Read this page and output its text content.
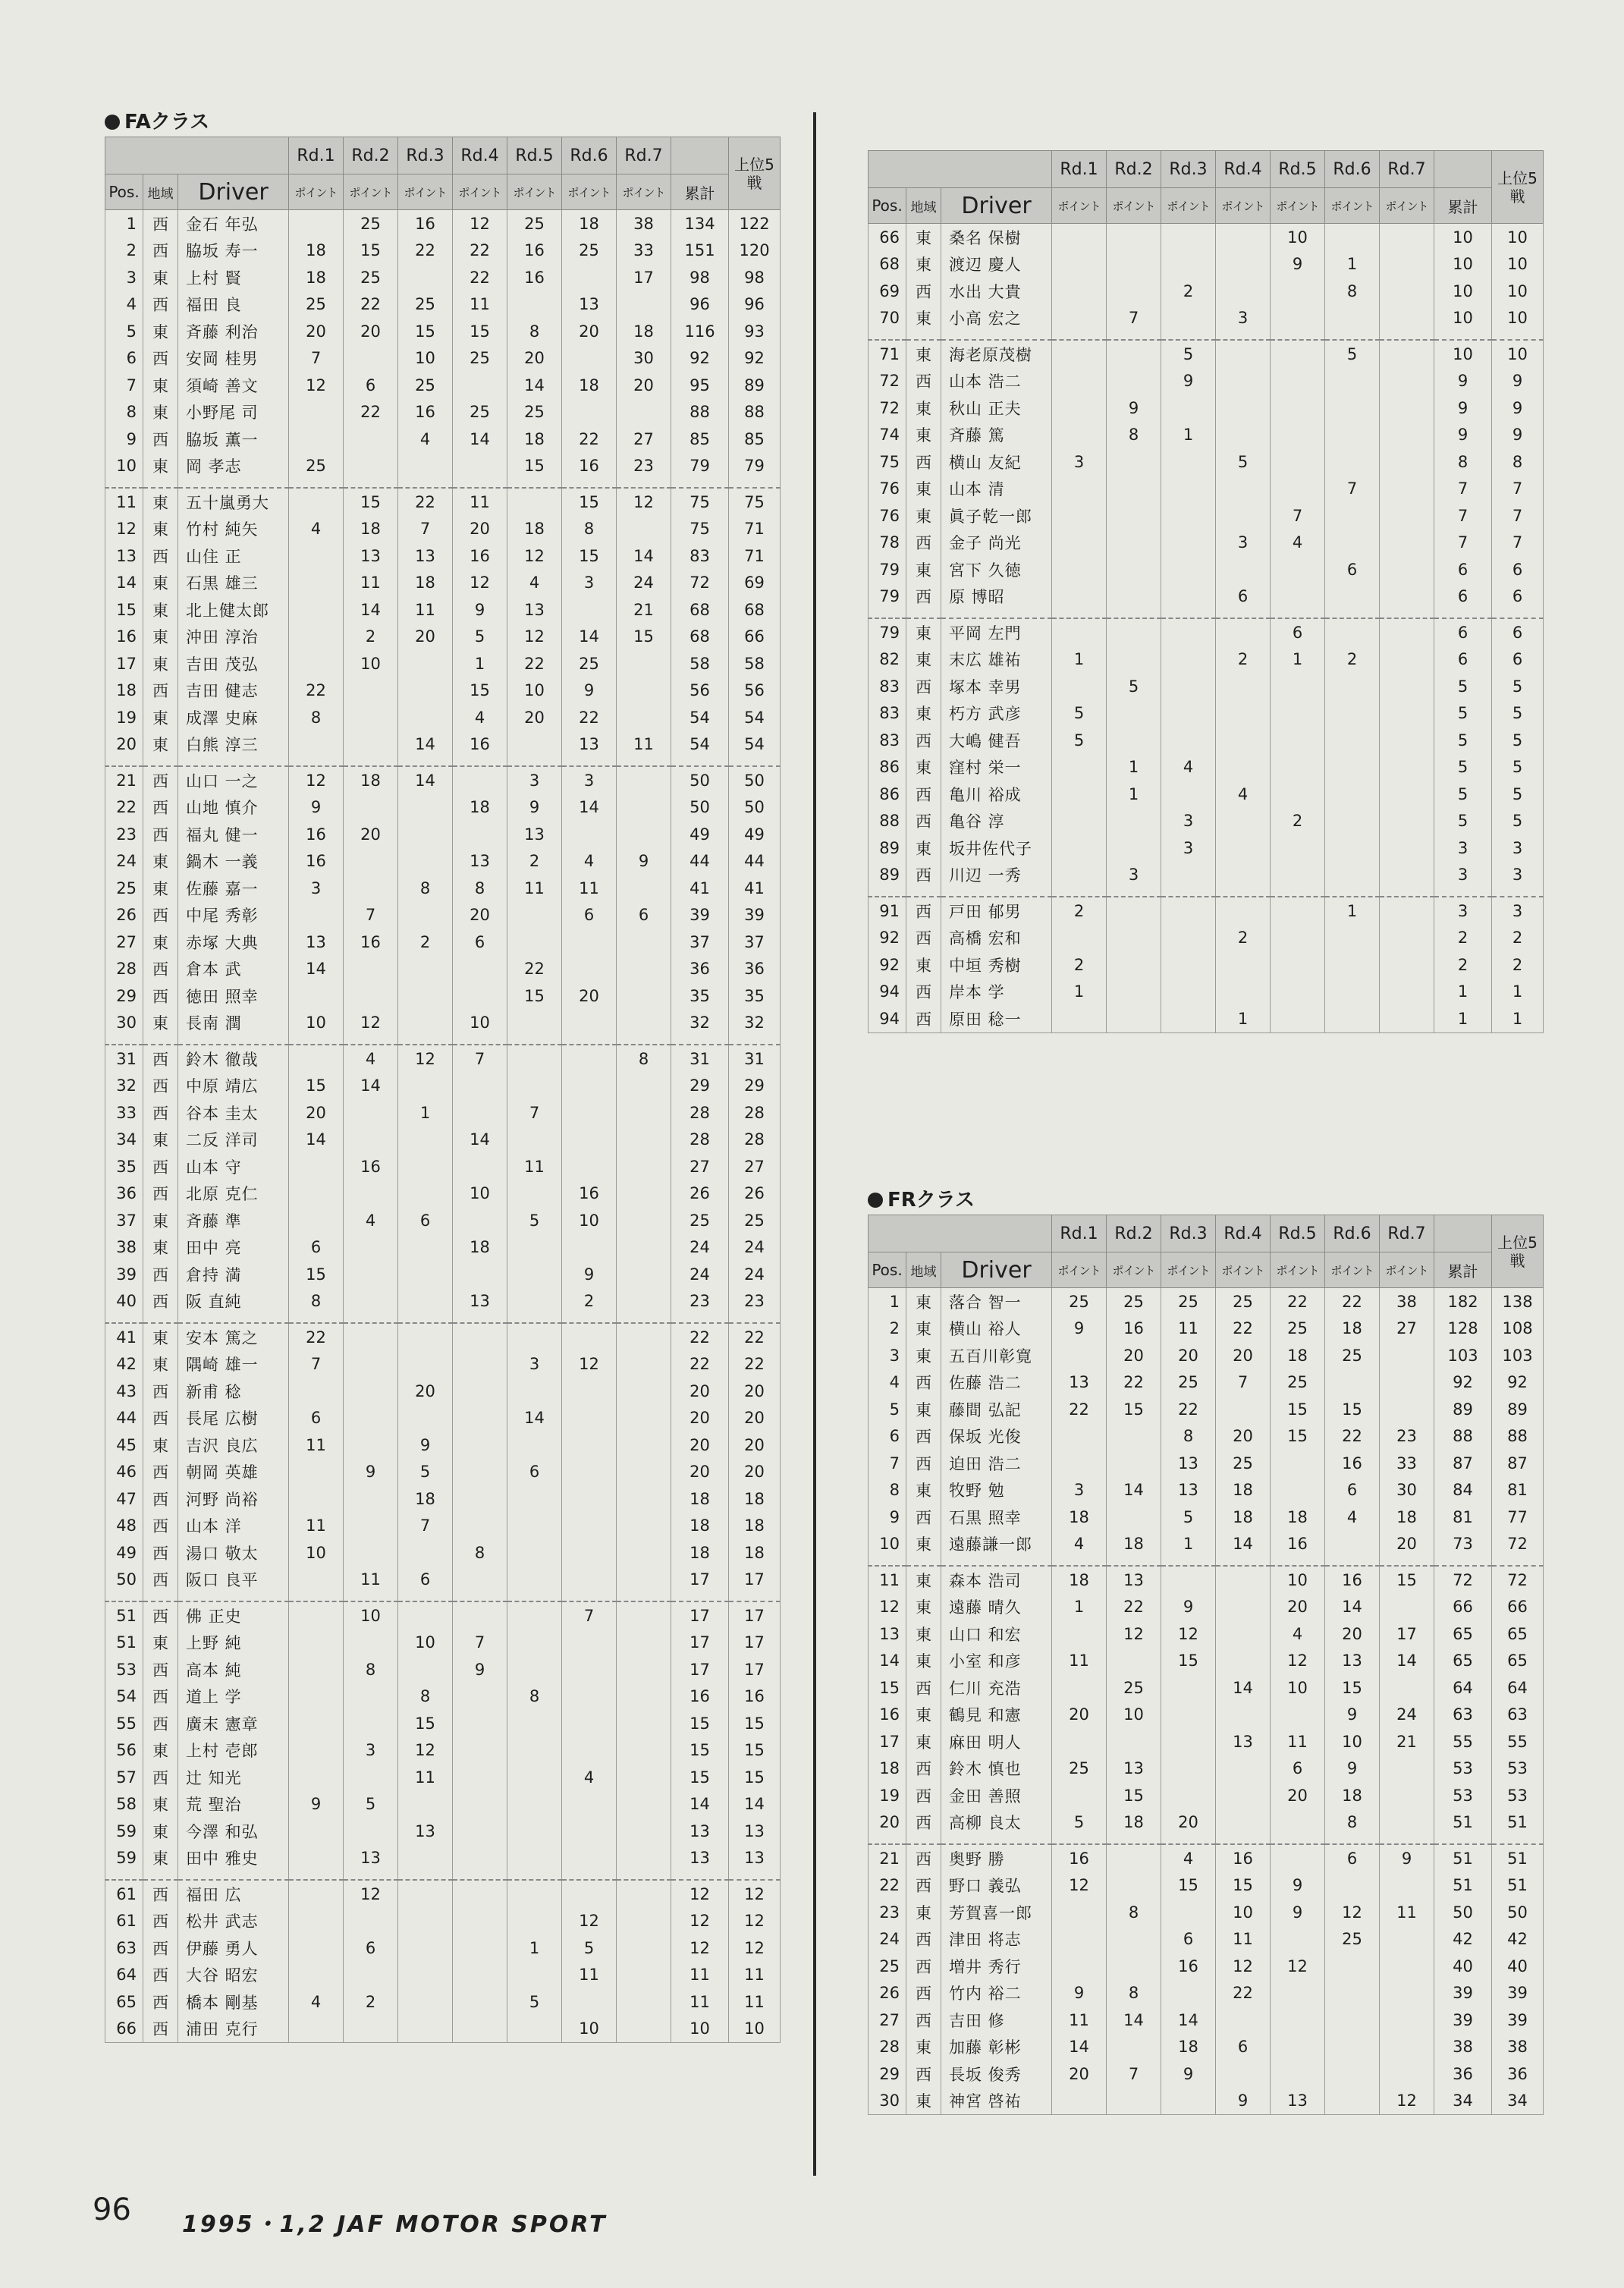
FAクラス
			Rd.1	Rd.2	Rd.3	Rd.4	Rd.5	Rd.6	Rd.7		上位5戦
Pos.	地域	Driver	ポイント	ポイント	ポイント	ポイント	ポイント	ポイント	ポイント	累計	
1	西	金石 年弘		25	16	12	25	18	38	134	122
2	西	脇坂 寿一	18	15	22	22	16	25	33	151	120
3	東	上村 賢	18	25		22	16		17	98	98
4	西	福田 良	25	22	25	11		13		96	96
5	東	斉藤 利治	20	20	15	15	8	20	18	116	93
6	西	安岡 桂男	7		10	25	20		30	92	92
7	東	須崎 善文	12	6	25		14	18	20	95	89
8	東	小野尾 司		22	16	25	25			88	88
9	西	脇坂 薫一			4	14	18	22	27	85	85
10	東	岡 孝志	25				15	16	23	79	79

11	東	五十嵐勇大		15	22	11		15	12	75	75
12	東	竹村 純矢	4	18	7	20	18	8		75	71
13	西	山住 正		13	13	16	12	15	14	83	71
14	東	石黒 雄三		11	18	12	4	3	24	72	69
15	東	北上健太郎		14	11	9	13		21	68	68
16	東	沖田 淳治		2	20	5	12	14	15	68	66
17	東	吉田 茂弘		10		1	22	25		58	58
18	西	吉田 健志	22			15	10	9		56	56
19	東	成澤 史麻	8			4	20	22		54	54
20	東	白熊 淳三			14	16		13	11	54	54

21	西	山口 一之	12	18	14		3	3		50	50
22	西	山地 慎介	9			18	9	14		50	50
23	西	福丸 健一	16	20			13			49	49
24	東	鍋木 一義	16			13	2	4	9	44	44
25	東	佐藤 嘉一	3		8	8	11	11		41	41
26	西	中尾 秀彰		7		20		6	6	39	39
27	東	赤塚 大典	13	16	2	6				37	37
28	西	倉本 武	14				22			36	36
29	西	徳田 照幸					15	20		35	35
30	東	長南 潤	10	12		10				32	32

31	西	鈴木 徹哉		4	12	7			8	31	31
32	西	中原 靖広	15	14						29	29
33	西	谷本 圭太	20		1		7			28	28
34	東	二反 洋司	14			14				28	28
35	西	山本 守		16			11			27	27
36	西	北原 克仁				10		16		26	26
37	東	斉藤 準		4	6		5	10		25	25
38	東	田中 亮	6			18				24	24
39	西	倉持 満	15					9		24	24
40	西	阪 直純	8			13		2		23	23

41	東	安本 篤之	22							22	22
42	東	隅崎 雄一	7				3	12		22	22
43	西	新甫 稔			20					20	20
44	西	長尾 広樹	6				14			20	20
45	東	吉沢 良広	11		9					20	20
46	西	朝岡 英雄		9	5		6			20	20
47	西	河野 尚裕			18					18	18
48	西	山本 洋	11		7					18	18
49	西	湯口 敬太	10			8				18	18
50	西	阪口 良平		11	6					17	17

51	西	佛 正史		10				7		17	17
51	東	上野 純			10	7				17	17
53	西	高本 純		8		9				17	17
54	西	道上 学			8		8			16	16
55	西	廣末 憲章			15					15	15
56	東	上村 壱郎		3	12					15	15
57	西	辻 知光			11			4		15	15
58	東	荒 聖治	9	5						14	14
59	東	今澤 和弘			13					13	13
59	東	田中 雅史		13						13	13

61	西	福田 広		12						12	12
61	西	松井 武志						12		12	12
63	西	伊藤 勇人		6			1	5		12	12
64	西	大谷 昭宏						11		11	11
65	西	橋本 剛基	4	2			5			11	11
66	西	浦田 克行						10		10	10
			Rd.1	Rd.2	Rd.3	Rd.4	Rd.5	Rd.6	Rd.7		上位5戦
Pos.	地域	Driver	ポイント	ポイント	ポイント	ポイント	ポイント	ポイント	ポイント	累計	
66	東	桑名 保樹					10			10	10
68	東	渡辺 慶人					9	1		10	10
69	西	水出 大貴			2			8		10	10
70	東	小高 宏之		7		3				10	10

71	東	海老原茂樹			5			5		10	10
72	西	山本 浩二			9					9	9
72	東	秋山 正夫		9						9	9
74	東	斉藤 篤		8	1					9	9
75	西	横山 友紀	3			5				8	8
76	東	山本 清						7		7	7
76	東	眞子乾一郎					7			7	7
78	西	金子 尚光				3	4			7	7
79	東	宮下 久徳						6		6	6
79	西	原 博昭				6				6	6

79	東	平岡 左門					6			6	6
82	東	末広 雄祐	1			2	1	2		6	6
83	西	塚本 幸男		5						5	5
83	東	朽方 武彦	5							5	5
83	西	大嶋 健吾	5							5	5
86	東	窪村 栄一		1	4					5	5
86	西	亀川 裕成		1		4				5	5
88	西	亀谷 淳			3		2			5	5
89	東	坂井佐代子			3					3	3
89	西	川辺 一秀		3						3	3

91	西	戸田 郁男	2					1		3	3
92	西	高橋 宏和				2				2	2
92	東	中垣 秀樹	2							2	2
94	西	岸本 学	1							1	1
94	西	原田 稔一				1				1	1
FRクラス
			Rd.1	Rd.2	Rd.3	Rd.4	Rd.5	Rd.6	Rd.7		上位5戦
Pos.	地域	Driver	ポイント	ポイント	ポイント	ポイント	ポイント	ポイント	ポイント	累計	
1	東	落合 智一	25	25	25	25	22	22	38	182	138
2	東	横山 裕人	9	16	11	22	25	18	27	128	108
3	東	五百川彰寛		20	20	20	18	25		103	103
4	西	佐藤 浩二	13	22	25	7	25			92	92
5	東	藤間 弘記	22	15	22		15	15		89	89
6	西	保坂 光俊			8	20	15	22	23	88	88
7	西	迫田 浩二			13	25		16	33	87	87
8	東	牧野 勉	3	14	13	18		6	30	84	81
9	西	石黒 照幸	18		5	18	18	4	18	81	77
10	東	遠藤謙一郎	4	18	1	14	16		20	73	72

11	東	森本 浩司	18	13			10	16	15	72	72
12	東	遠藤 晴久	1	22	9		20	14		66	66
13	東	山口 和宏		12	12		4	20	17	65	65
14	東	小室 和彦	11		15		12	13	14	65	65
15	西	仁川 充浩		25		14	10	15		64	64
16	東	鶴見 和憲	20	10				9	24	63	63
17	東	麻田 明人				13	11	10	21	55	55
18	西	鈴木 慎也	25	13			6	9		53	53
19	西	金田 善照		15			20	18		53	53
20	西	高柳 良太	5	18	20			8		51	51

21	西	奥野 勝	16		4	16		6	9	51	51
22	西	野口 義弘	12		15	15	9			51	51
23	東	芳賀喜一郎		8		10	9	12	11	50	50
24	西	津田 将志			6	11		25		42	42
25	西	増井 秀行			16	12	12			40	40
26	西	竹内 裕二	9	8		22				39	39
27	西	吉田 修	11	14	14					39	39
28	東	加藤 彰彬	14		18	6				38	38
29	西	長坂 俊秀	20	7	9					36	36
30	東	神宮 啓祐				9	13		12	34	34
96 1995・1,2 JAF MOTOR SPORT
